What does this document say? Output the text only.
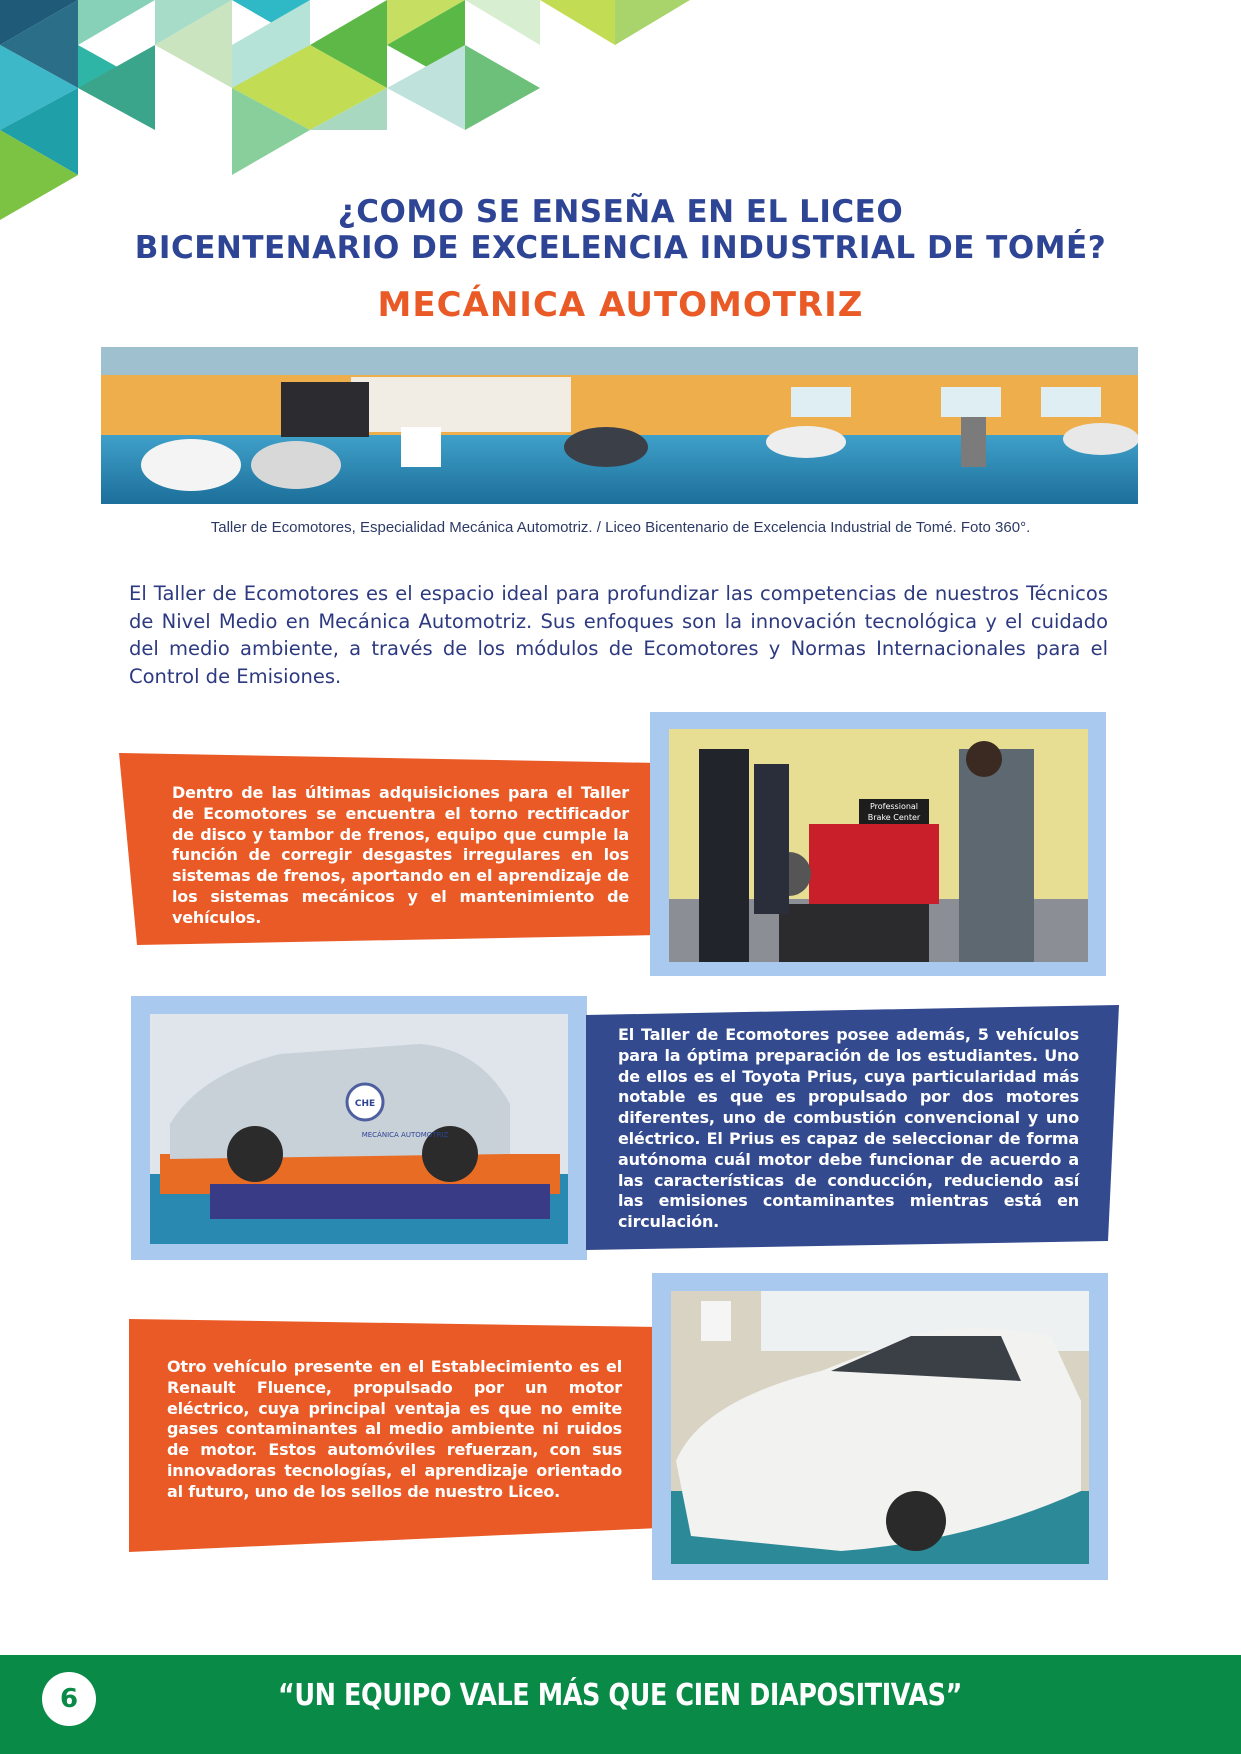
¿COMO SE ENSEÑA EN EL LICEO
BICENTENARIO DE EXCELENCIA INDUSTRIAL DE TOMÉ?
MECÁNICA AUTOMOTRIZ
Taller de Ecomotores, Especialidad Mecánica Automotriz. / Liceo Bicentenario de Excelencia Industrial de Tomé. Foto 360°.

El Taller de Ecomotores es el espacio ideal para profundizar las competencias de nuestros Técnicos de Nivel Medio en Mecánica Automotriz. Sus enfoques son la innovación tecnológica y el cuidado del medio ambiente, a través de los módulos de Ecomotores y Normas Internacionales para el Control de Emisiones.

Dentro de las últimas adquisiciones para el Taller de Ecomotores se encuentra el torno rectificador de disco y tambor de frenos, equipo que cumple la función de corregir desgastes irregulares en los sistemas de frenos, aportando en el aprendizaje de los sistemas mecánicos y el mantenimiento de vehículos.

Professional
Brake Center
CHE
MECÁNICA AUTOMOTRIZ

El Taller de Ecomotores posee además, 5 vehículos para la óptima preparación de los estudiantes. Uno de ellos es el Toyota Prius, cuya particularidad más notable es que es propulsado por dos motores diferentes, uno de combustión convencional y uno eléctrico. El Prius es capaz de seleccionar de forma autónoma cuál motor debe funcionar de acuerdo a las características de conducción, reduciendo así las emisiones contaminantes mientras está en circulación.

Otro vehículo presente en el Establecimiento es el Renault Fluence, propulsado por un motor eléctrico, cuya principal ventaja es que no emite gases contaminantes al medio ambiente ni ruidos de motor. Estos automóviles refuerzan, con sus innovadoras tecnologías, el aprendizaje orientado al futuro, uno de los sellos de nuestro Liceo.

6	“UN EQUIPO VALE MÁS QUE CIEN DIAPOSITIVAS”
